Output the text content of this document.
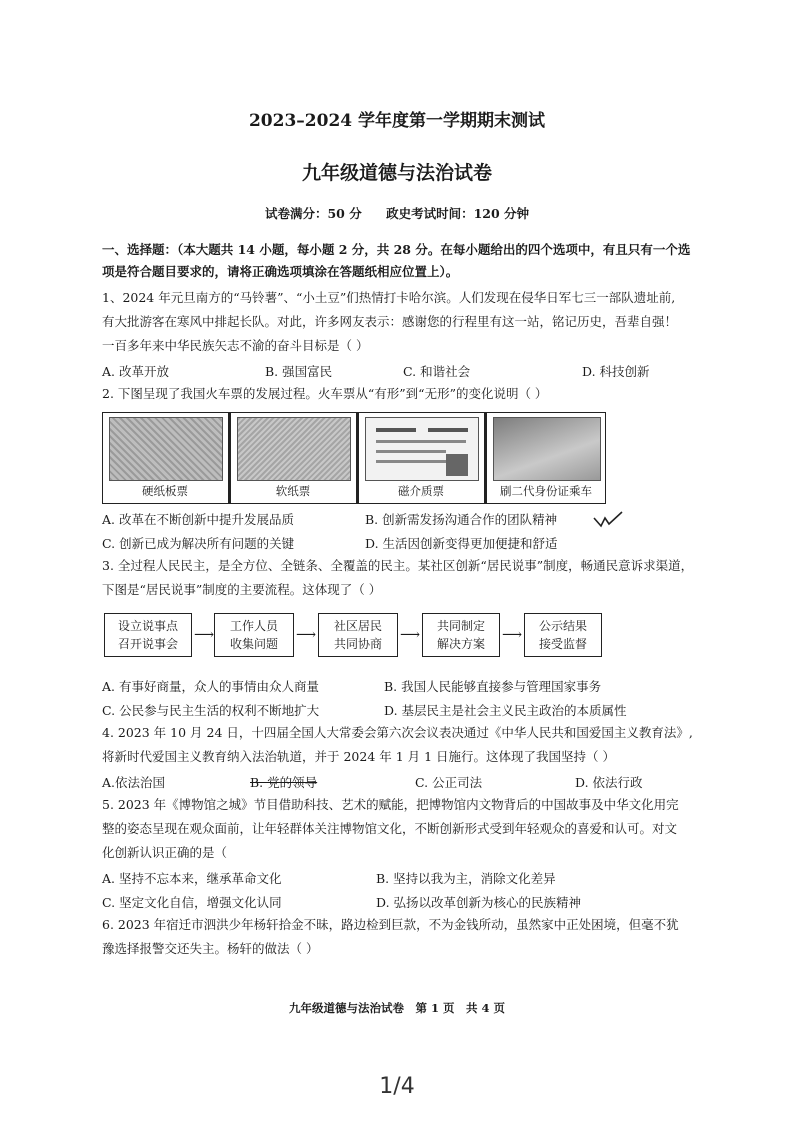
2023–2024 学年度第一学期期末测试
九年级道德与法治试卷
试卷满分：50 分 政史考试时间：120 分钟
一、选择题：（本大题共 14 小题，每小题 2 分，共 28 分。在每小题给出的四个选项中，有且只有一个选
项是符合题目要求的，请将正确选项填涂在答题纸相应位置上）。
1、2024 年元旦南方的“马铃薯”、“小土豆”们热情打卡哈尔滨。人们发现在侵华日军七三一部队遗址前,
有大批游客在寒风中排起长队。对此，许多网友表示：感谢您的行程里有这一站，铭记历史，吾辈自强！
一百多年来中华民族矢志不渝的奋斗目标是（ ）
A. 改革开放	B. 强国富民	C. 和谐社会	D. 科技创新
2. 下图呈现了我国火车票的发展过程。火车票从“有形”到“无形”的变化说明（ ）
硬纸板票	软纸票	磁介质票	刷二代身份证乘车
A. 改革在不断创新中提升发展品质	B. 创新需发扬沟通合作的团队精神
C. 创新已成为解决所有问题的关键	D. 生活因创新变得更加便捷和舒适
3. 全过程人民民主，是全方位、全链条、全覆盖的民主。某社区创新“居民说事”制度，畅通民意诉求渠道，
下图是“居民说事”制度的主要流程。这体现了（ ）
设立说事点
召开说事会
⟶
工作人员
收集问题
⟶
社区居民
共同协商
⟶
共同制定
解决方案
⟶
公示结果
接受监督
A. 有事好商量，众人的事情由众人商量	B. 我国人民能够直接参与管理国家事务
C. 公民参与民主生活的权利不断地扩大	D. 基层民主是社会主义民主政治的本质属性
4. 2023 年 10 月 24 日，十四届全国人大常委会第六次会议表决通过《中华人民共和国爱国主义教育法》,
将新时代爱国主义教育纳入法治轨道，并于 2024 年 1 月 1 日施行。这体现了我国坚持（ ）
A.依法治国	B. 党的领导	C. 公正司法	D. 依法行政
5. 2023 年《博物馆之城》节目借助科技、艺术的赋能，把博物馆内文物背后的中国故事及中华文化用完
整的姿态呈现在观众面前，让年轻群体关注博物馆文化，不断创新形式受到年轻观众的喜爱和认可。对文
化创新认识正确的是（
A. 坚持不忘本来，继承革命文化	B. 坚持以我为主，消除文化差异
C. 坚定文化自信，增强文化认同	D. 弘扬以改革创新为核心的民族精神
6. 2023 年宿迁市泗洪少年杨轩拾金不昧，路边检到巨款，不为金钱所动，虽然家中正处困境，但毫不犹
豫选择报警交还失主。杨轩的做法（ ）
九年级道德与法治试卷　第 1 页　共 4 页
1/4
